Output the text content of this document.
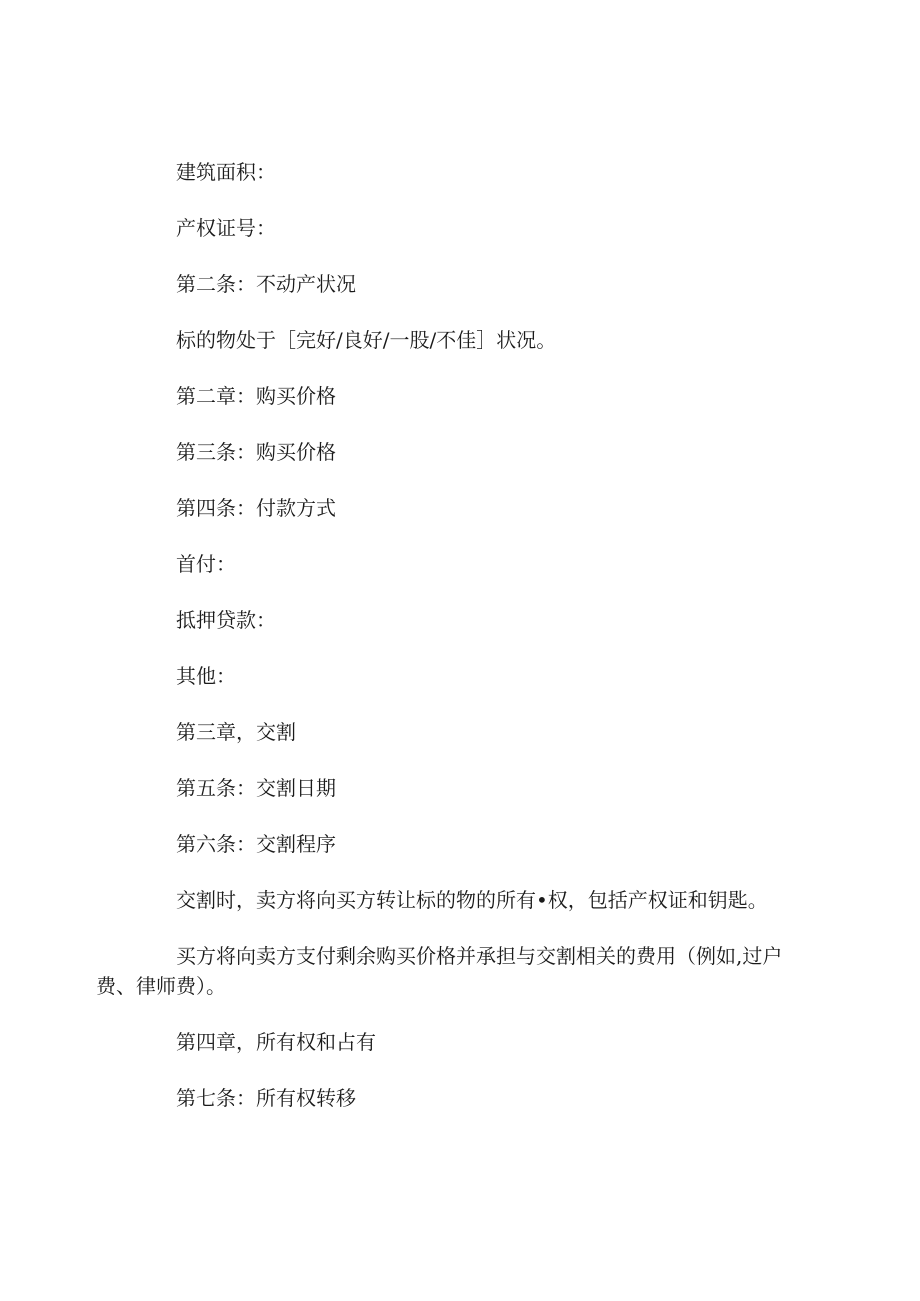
建筑面积：

产权证号：

第二条：不动产状况

标的物处于［完好/良好/一股/不佳］状况。

第二章：购买价格

第三条：购买价格

第四条：付款方式

首付：

抵押贷款：

其他：

第三章，交割

第五条：交割日期

第六条：交割程序

交割时，卖方将向买方转让标的物的所有•权，包括产权证和钥匙。

买方将向卖方支付剩余购买价格并承担与交割相关的费用（例如,过户

费、律师费）。

第四章，所有权和占有

第七条：所有权转移
